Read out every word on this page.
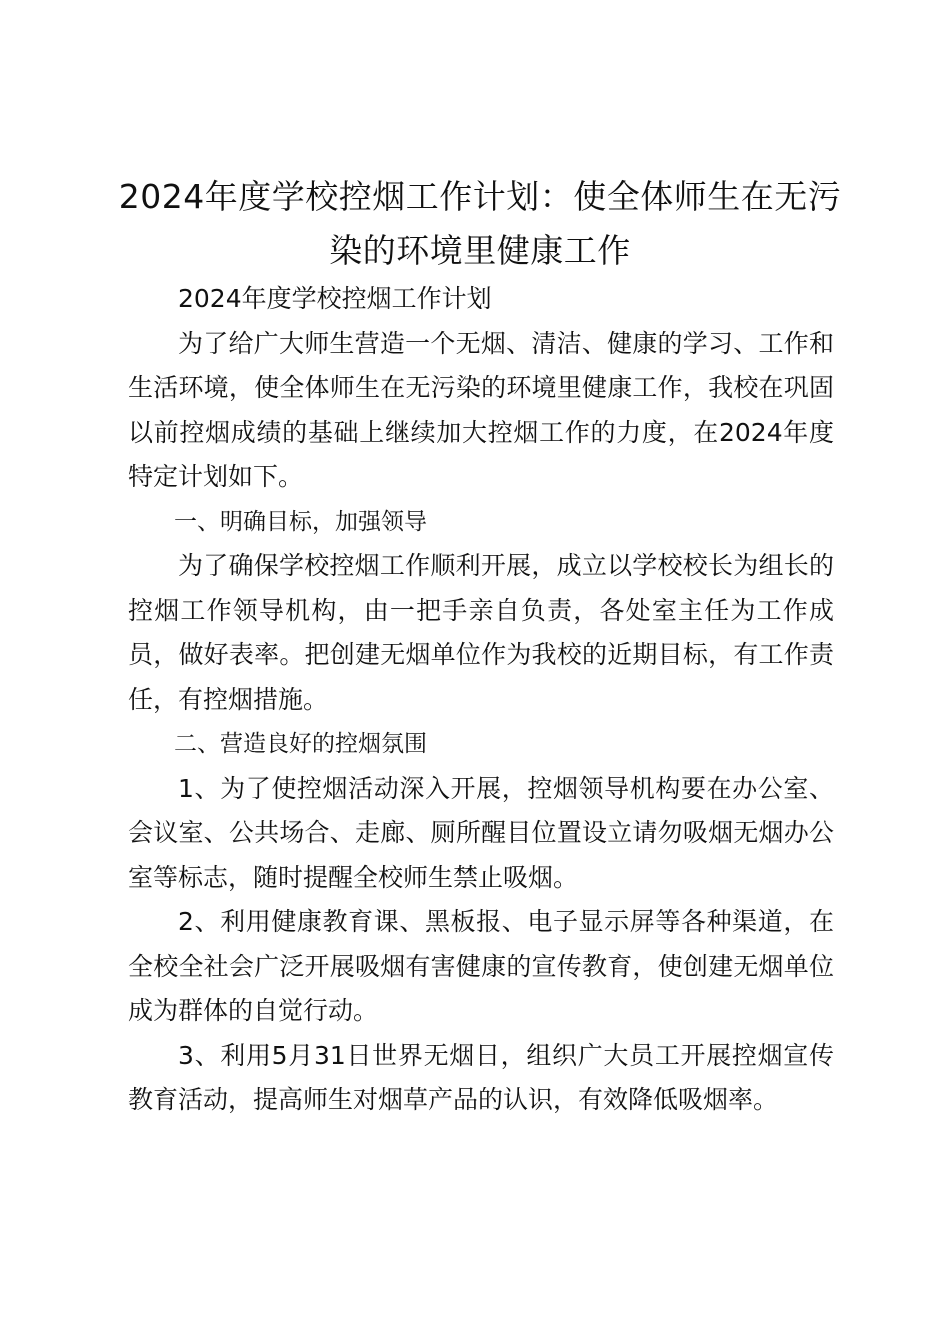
2024年度学校控烟工作计划：使全体师生在无污染的环境里健康工作

2024年度学校控烟工作计划

为了给广大师生营造一个无烟、清洁、健康的学习、工作和生活环境，使全体师生在无污染的环境里健康工作，我校在巩固以前控烟成绩的基础上继续加大控烟工作的力度，在2024年度特定计划如下。

一、明确目标，加强领导

为了确保学校控烟工作顺利开展，成立以学校校长为组长的控烟工作领导机构，由一把手亲自负责，各处室主任为工作成员，做好表率。把创建无烟单位作为我校的近期目标，有工作责任，有控烟措施。

二、营造良好的控烟氛围

1、为了使控烟活动深入开展，控烟领导机构要在办公室、会议室、公共场合、走廊、厕所醒目位置设立请勿吸烟无烟办公室等标志，随时提醒全校师生禁止吸烟。

2、利用健康教育课、黑板报、电子显示屏等各种渠道，在全校全社会广泛开展吸烟有害健康的宣传教育，使创建无烟单位成为群体的自觉行动。

3、利用5月31日世界无烟日，组织广大员工开展控烟宣传教育活动，提高师生对烟草产品的认识，有效降低吸烟率。
